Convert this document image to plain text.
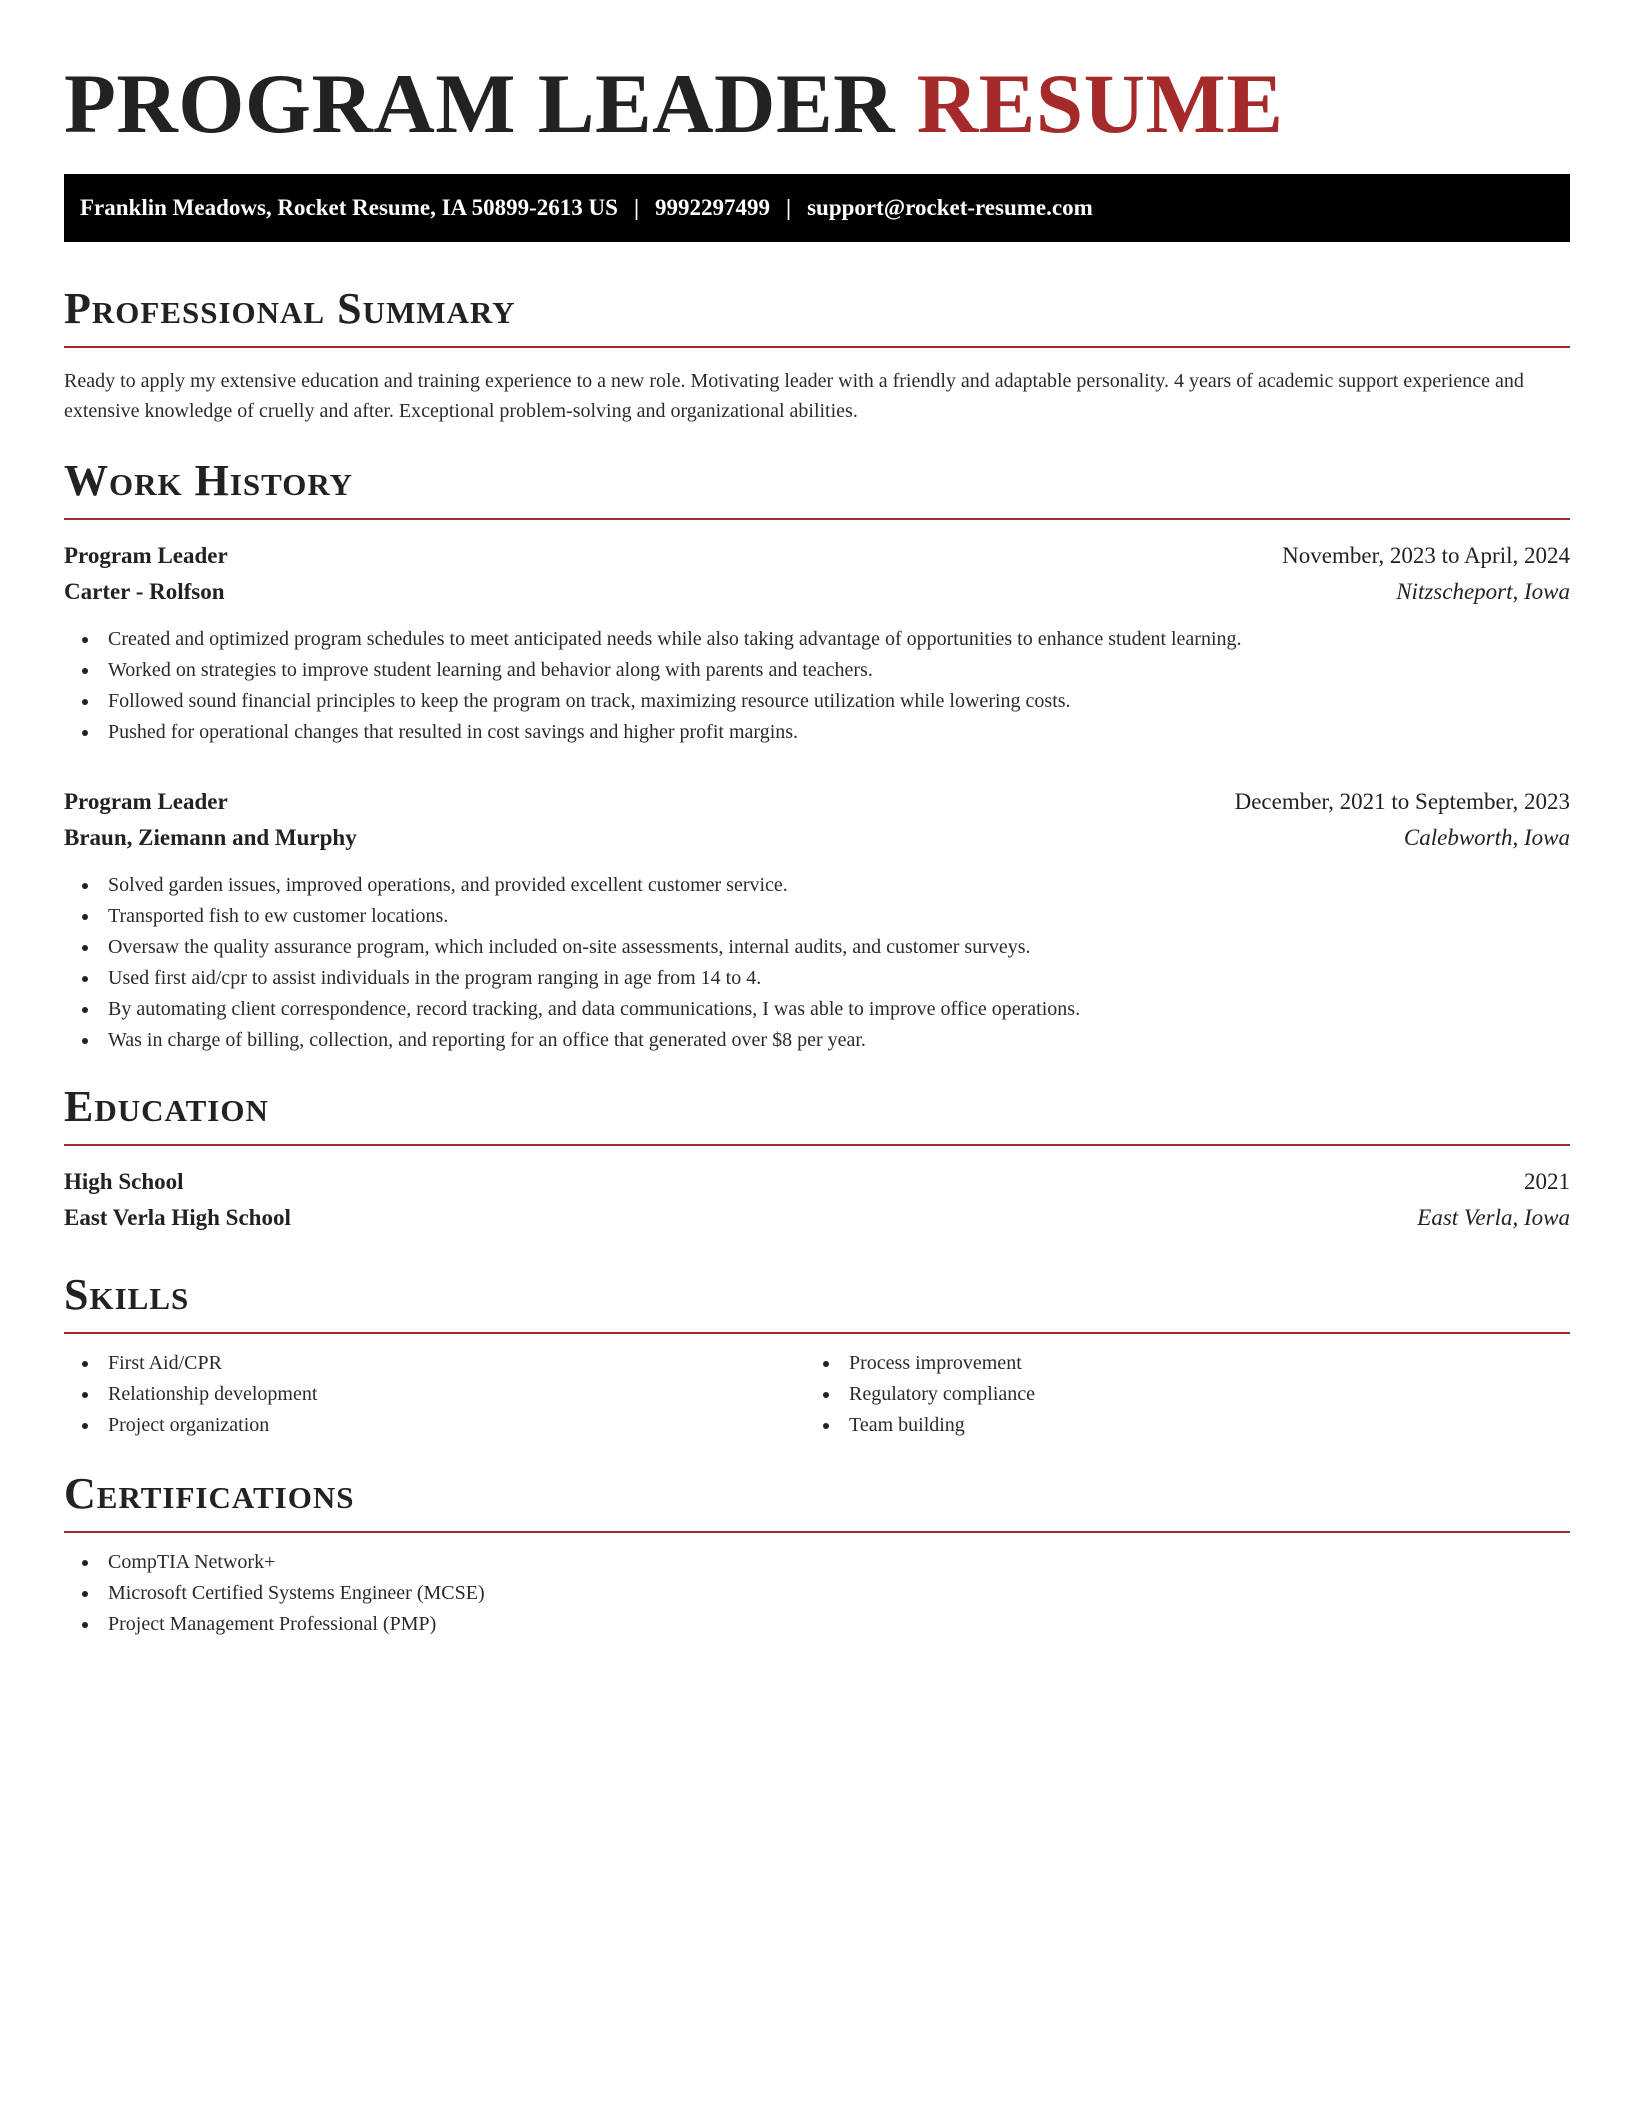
PROGRAM LEADER RESUME
Franklin Meadows, Rocket Resume, IA 50899-2613 US | 9992297499 | support@rocket-resume.com
Professional Summary

Ready to apply my extensive education and training experience to a new role. Motivating leader with a friendly and adaptable personality. 4 years of academic support experience and extensive knowledge of cruelly and after. Exceptional problem-solving and organizational abilities.

Work History
Program Leader	November, 2023 to April, 2024
Carter - Rolfson	Nitzscheport, Iowa
Created and optimized program schedules to meet anticipated needs while also taking advantage of opportunities to enhance student learning.
Worked on strategies to improve student learning and behavior along with parents and teachers.
Followed sound financial principles to keep the program on track, maximizing resource utilization while lowering costs.
Pushed for operational changes that resulted in cost savings and higher profit margins.
Program Leader	December, 2021 to September, 2023
Braun, Ziemann and Murphy	Calebworth, Iowa
Solved garden issues, improved operations, and provided excellent customer service.
Transported fish to ew customer locations.
Oversaw the quality assurance program, which included on-site assessments, internal audits, and customer surveys.
Used first aid/cpr to assist individuals in the program ranging in age from 14 to 4.
By automating client correspondence, record tracking, and data communications, I was able to improve office operations.
Was in charge of billing, collection, and reporting for an office that generated over $8 per year.
Education
High School	2021
East Verla High School	East Verla, Iowa
Skills
First Aid/CPR
Relationship development
Project organization
Process improvement
Regulatory compliance
Team building
Certifications
CompTIA Network+
Microsoft Certified Systems Engineer (MCSE)
Project Management Professional (PMP)
